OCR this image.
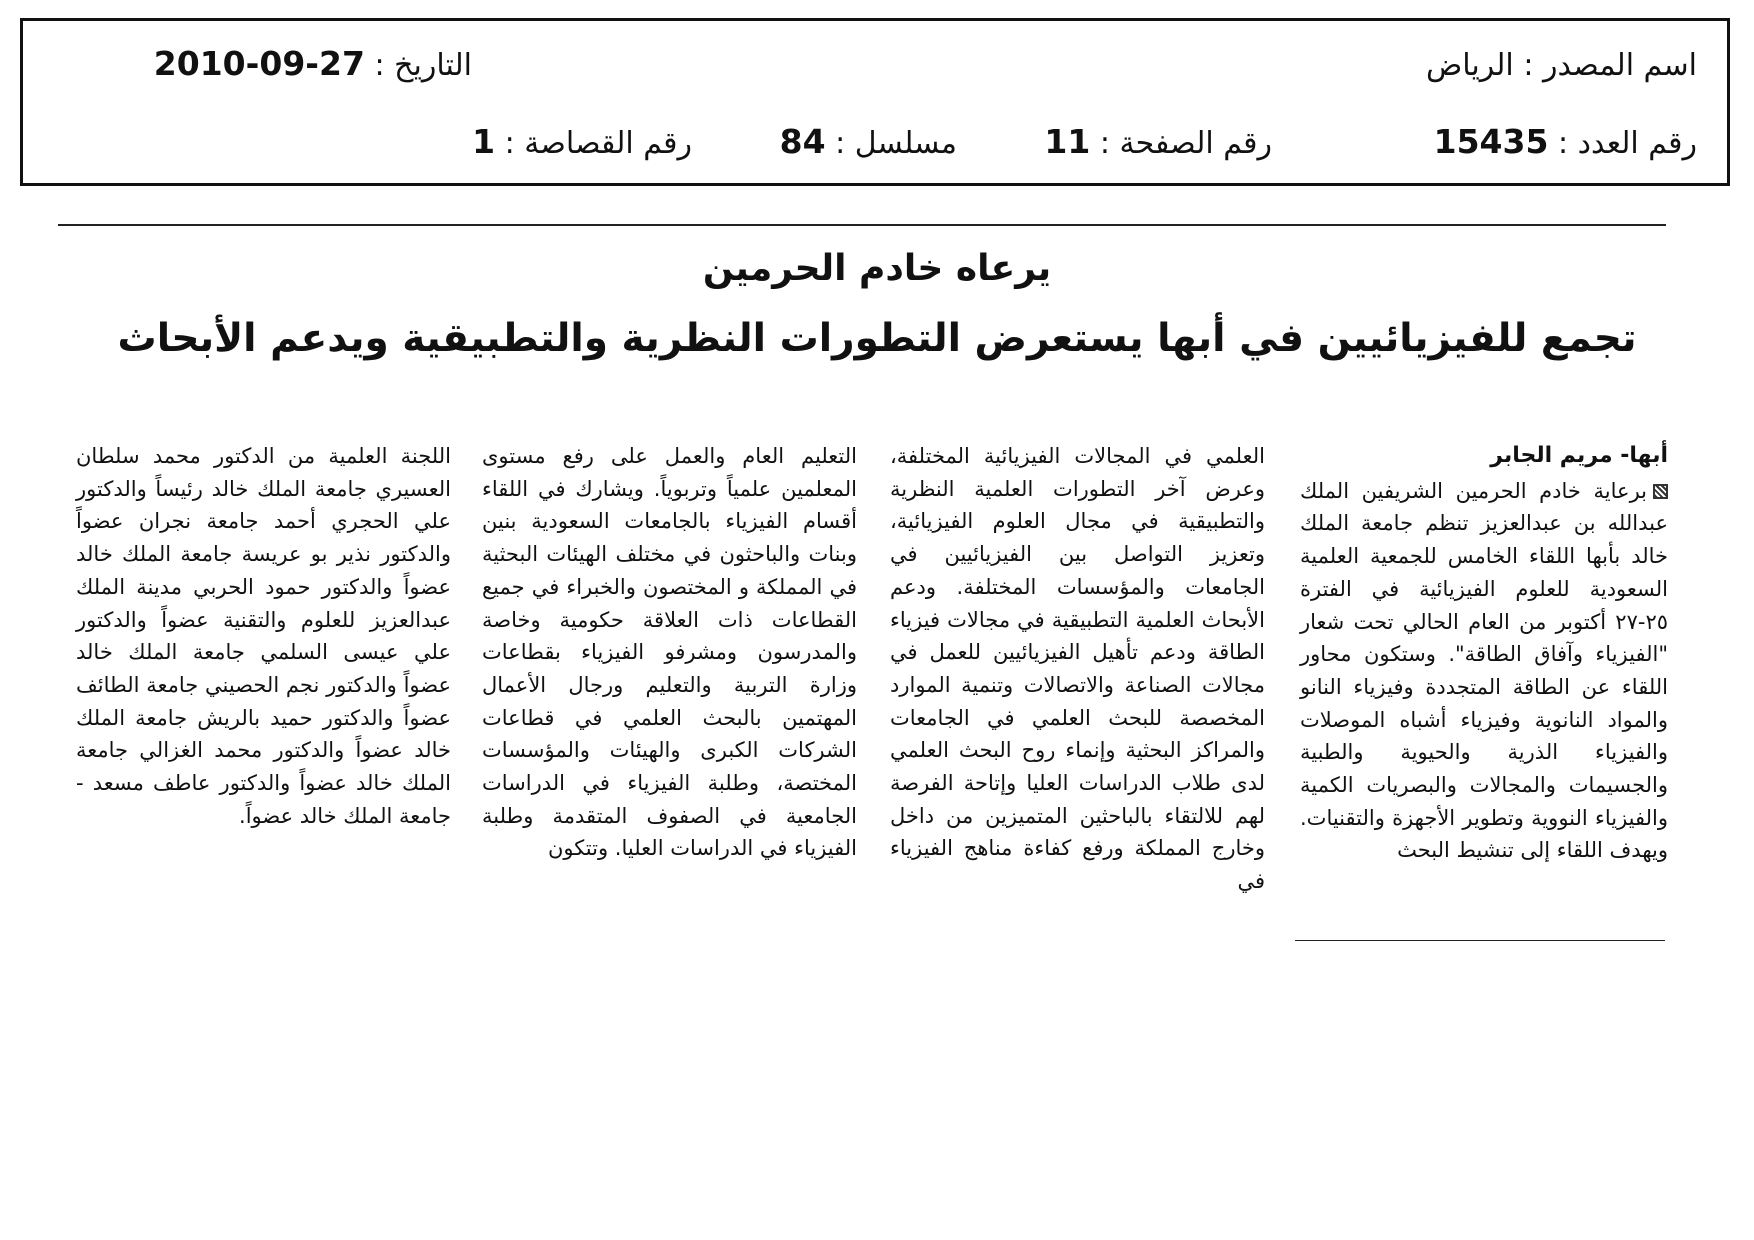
اسم المصدر : الرياض
التاريخ : 27-09-2010
رقم العدد : 15435
رقم الصفحة : 11
مسلسل : 84
رقم القصاصة : 1
يرعاه خادم الحرمين
تجمع للفيزيائيين في أبها يستعرض التطورات النظرية والتطبيقية ويدعم الأبحاث
أبها- مريم الجابر
برعاية خادم الحرمين الشريفين الملك عبدالله بن عبدالعزيز تنظم جامعة الملك خالد بأبها اللقاء الخامس للجمعية العلمية السعودية للعلوم الفيزيائية في الفترة ٢٥-٢٧ أكتوبر من العام الحالي تحت شعار "الفيزياء وآفاق الطاقة". وستكون محاور اللقاء عن الطاقة المتجددة وفيزياء النانو والمواد النانوية وفيزياء أشباه الموصلات والفيزياء الذرية والحيوية والطبية والجسيمات والمجالات والبصريات الكمية والفيزياء النووية وتطوير الأجهزة والتقنيات. ويهدف اللقاء إلى تنشيط البحث
العلمي في المجالات الفيزيائية المختلفة، وعرض آخر التطورات العلمية النظرية والتطبيقية في مجال العلوم الفيزيائية، وتعزيز التواصل بين الفيزيائيين في الجامعات والمؤسسات المختلفة. ودعم الأبحاث العلمية التطبيقية في مجالات فيزياء الطاقة ودعم تأهيل الفيزيائيين للعمل في مجالات الصناعة والاتصالات وتنمية الموارد المخصصة للبحث العلمي في الجامعات والمراكز البحثية وإنماء روح البحث العلمي لدى طلاب الدراسات العليا وإتاحة الفرصة لهم للالتقاء بالباحثين المتميزين من داخل وخارج المملكة ورفع كفاءة مناهج الفيزياء في
التعليم العام والعمل على رفع مستوى المعلمين علمياً وتربوياً. ويشارك في اللقاء أقسام الفيزياء بالجامعات السعودية بنين وبنات والباحثون في مختلف الهيئات البحثية في المملكة و المختصون والخبراء في جميع القطاعات ذات العلاقة حكومية وخاصة والمدرسون ومشرفو الفيزياء بقطاعات وزارة التربية والتعليم ورجال الأعمال المهتمين بالبحث العلمي في قطاعات الشركات الكبرى والهيئات والمؤسسات المختصة، وطلبة الفيزياء في الدراسات الجامعية في الصفوف المتقدمة وطلبة الفيزياء في الدراسات العليا. وتتكون
اللجنة العلمية من الدكتور محمد سلطان العسيري جامعة الملك خالد رئيساً والدكتور علي الحجري أحمد جامعة نجران عضواً والدكتور نذير بو عريسة جامعة الملك خالد عضواً والدكتور حمود الحربي مدينة الملك عبدالعزيز للعلوم والتقنية عضواً والدكتور علي عيسى السلمي جامعة الملك خالد عضواً والدكتور نجم الحصيني جامعة الطائف عضواً والدكتور حميد بالريش جامعة الملك خالد عضواً والدكتور محمد الغزالي جامعة الملك خالد عضواً والدكتور عاطف مسعد - جامعة الملك خالد عضواً.
